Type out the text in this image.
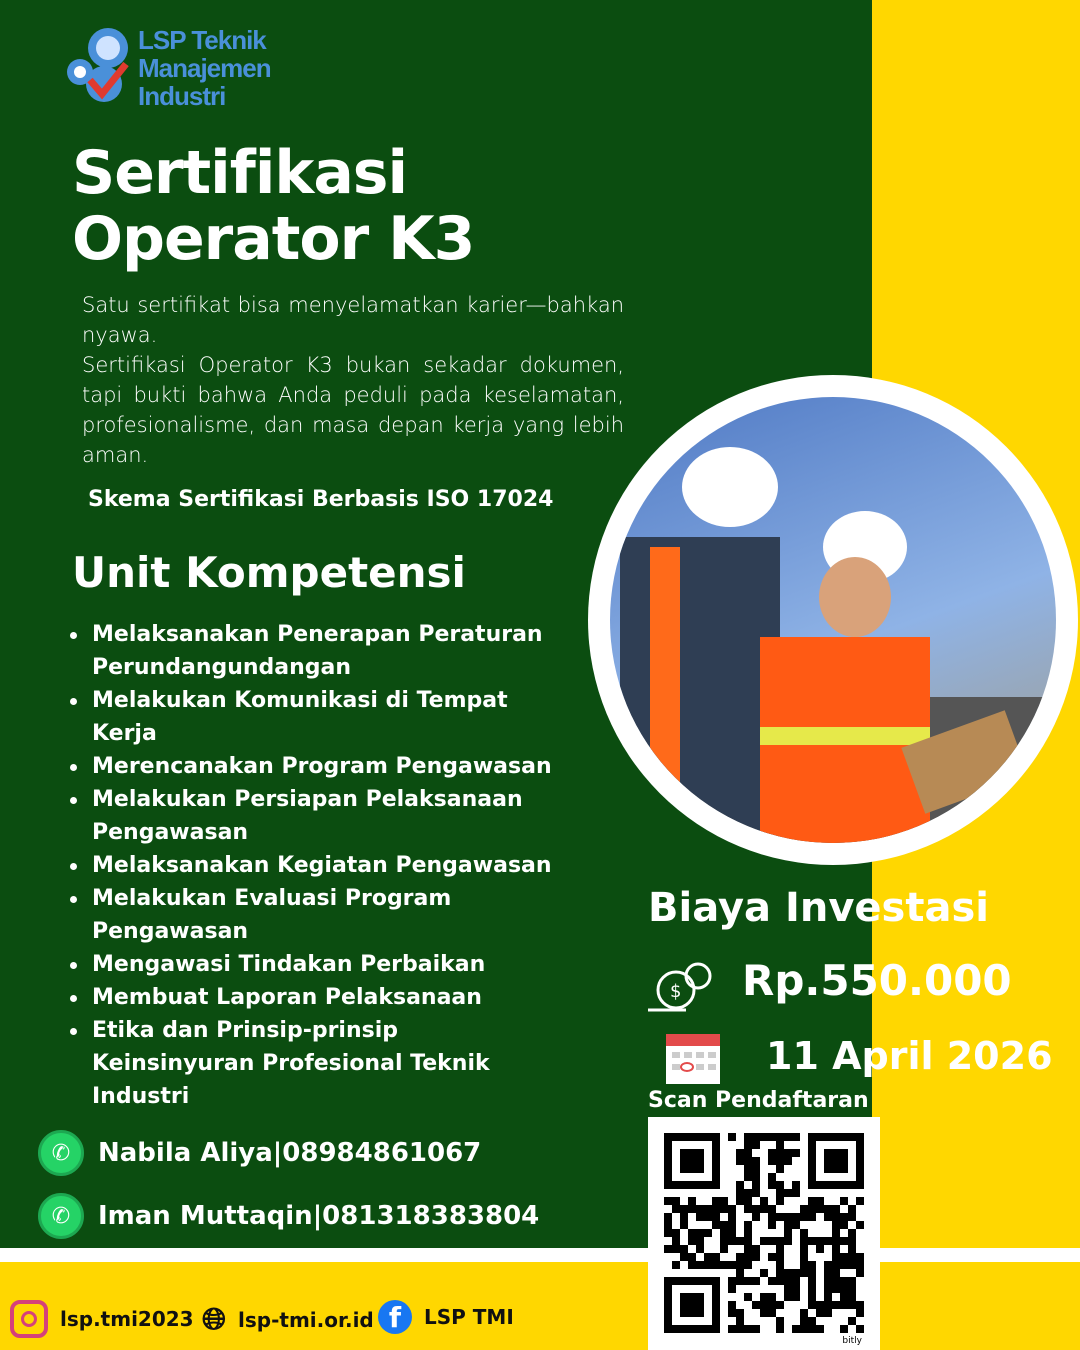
LSP Teknik
Manajemen
Industri
Sertifikasi
Operator K3
Satu sertifikat bisa menyelamatkan karier—bahkan nyawa.
Sertifikasi Operator K3 bukan sekadar dokumen, tapi bukti bahwa Anda peduli pada keselamatan, profesionalisme, dan masa depan kerja yang lebih aman.
Skema Sertifikasi Berbasis ISO 17024
Unit Kompetensi
Melaksanakan Penerapan Peraturan Perundangundangan
Melakukan Komunikasi di Tempat Kerja
Merencanakan Program Pengawasan
Melakukan Persiapan Pelaksanaan Pengawasan
Melaksanakan Kegiatan Pengawasan
Melakukan Evaluasi Program Pengawasan
Mengawasi Tindakan Perbaikan
Membuat Laporan Pelaksanaan
Etika dan Prinsip-prinsip Keinsinyuran Profesional Teknik Industri
✆	Nabila Aliya|08984861067
✆	Iman Muttaqin|081318383804
Biaya Investasi
$ Rp.550.000
11 April 2026
Scan Pendaftaran
bitly
lsp.tmi2023 🌐︎ lsp-tmi.or.id f	LSP TMI
